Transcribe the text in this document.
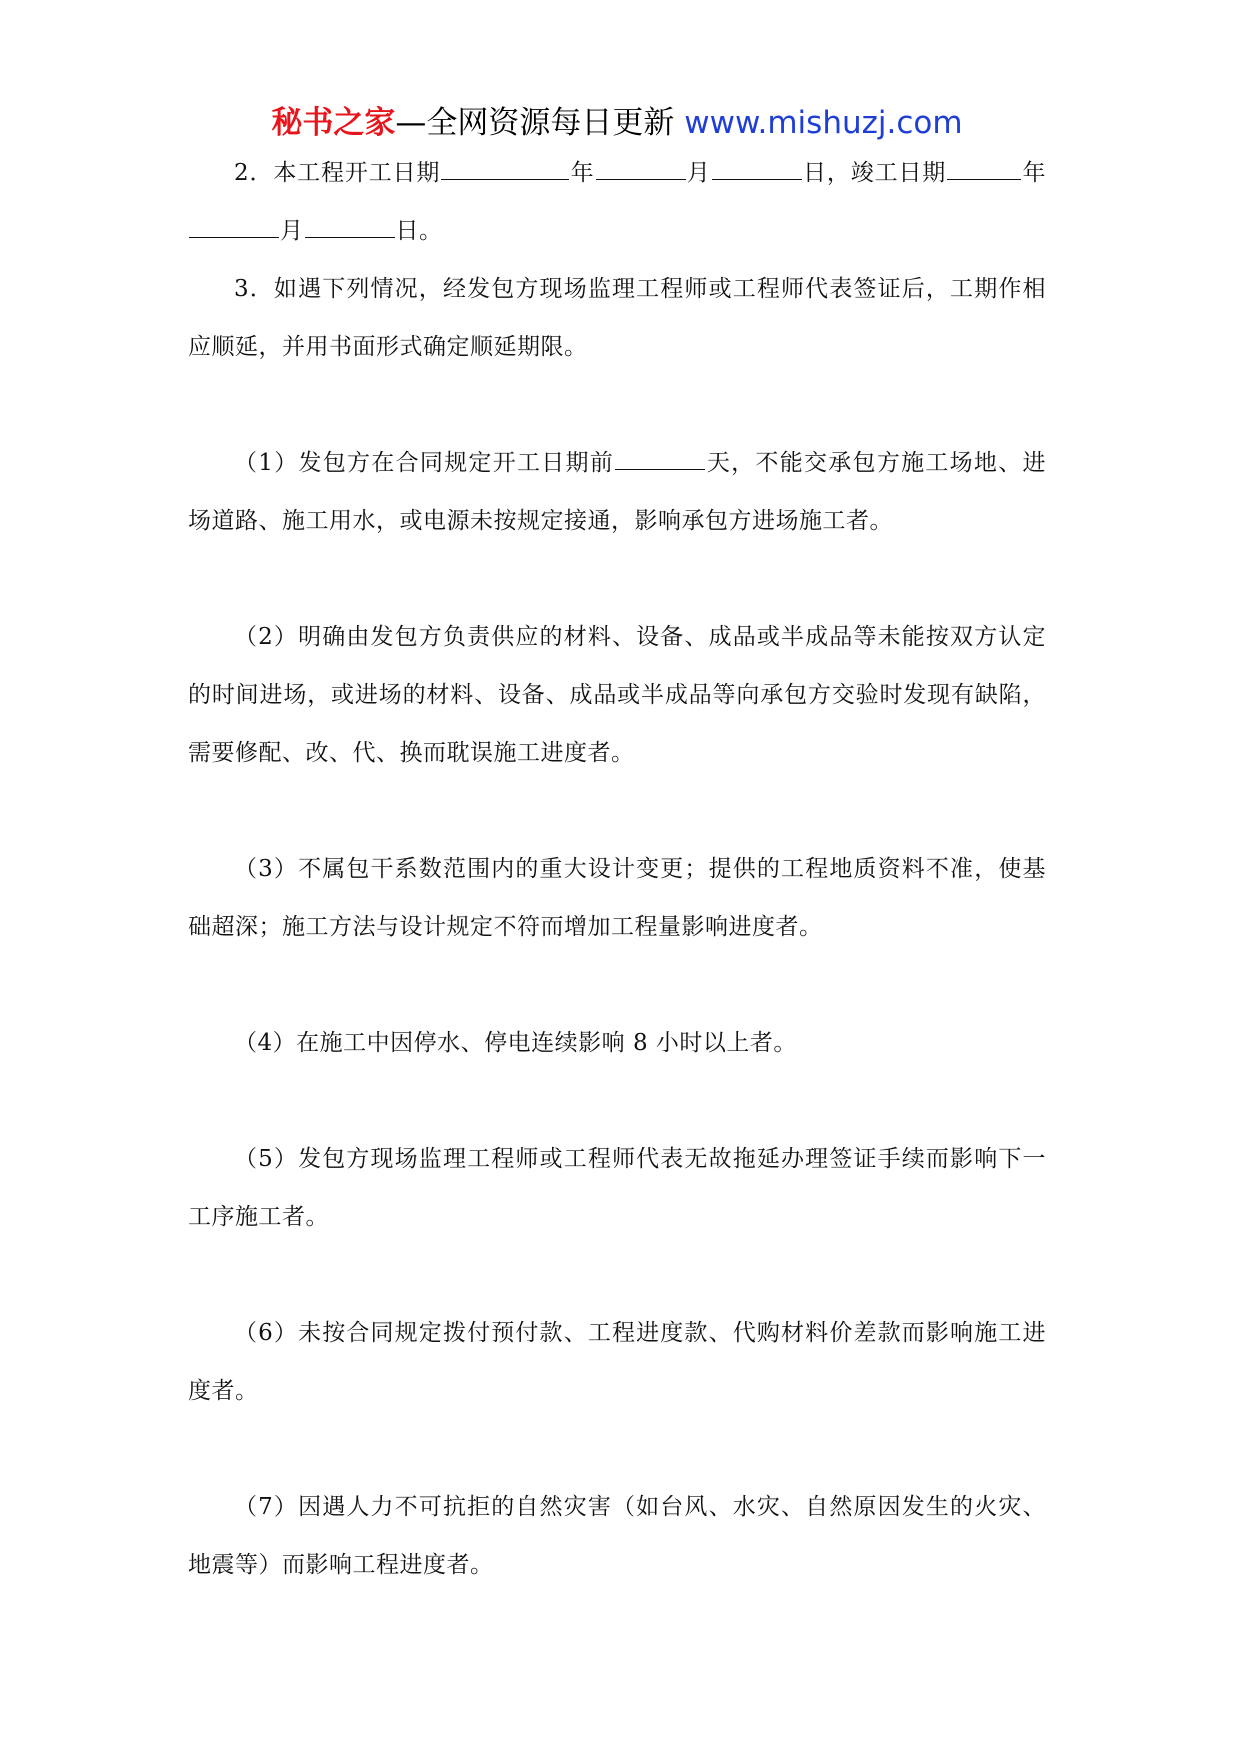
秘书之家—全网资源每日更新 www.mishuzj.com

2．本工程开工日期	年	月	日，竣工日期	年月	日。

3．如遇下列情况，经发包方现场监理工程师或工程师代表签证后，工期作相应顺延，并用书面形式确定顺延期限。

（1）发包方在合同规定开工日期前	天，不能交承包方施工场地、进场道路、施工用水，或电源未按规定接通，影响承包方进场施工者。

（2）明确由发包方负责供应的材料、设备、成品或半成品等未能按双方认定的时间进场，或进场的材料、设备、成品或半成品等向承包方交验时发现有缺陷，需要修配、改、代、换而耽误施工进度者。

（3）不属包干系数范围内的重大设计变更；提供的工程地质资料不准，使基础超深；施工方法与设计规定不符而增加工程量影响进度者。

（4）在施工中因停水、停电连续影响 8 小时以上者。

（5）发包方现场监理工程师或工程师代表无故拖延办理签证手续而影响下一工序施工者。

（6）未按合同规定拨付预付款、工程进度款、代购材料价差款而影响施工进度者。

（7）因遇人力不可抗拒的自然灾害（如台风、水灾、自然原因发生的火灾、地震等）而影响工程进度者。
